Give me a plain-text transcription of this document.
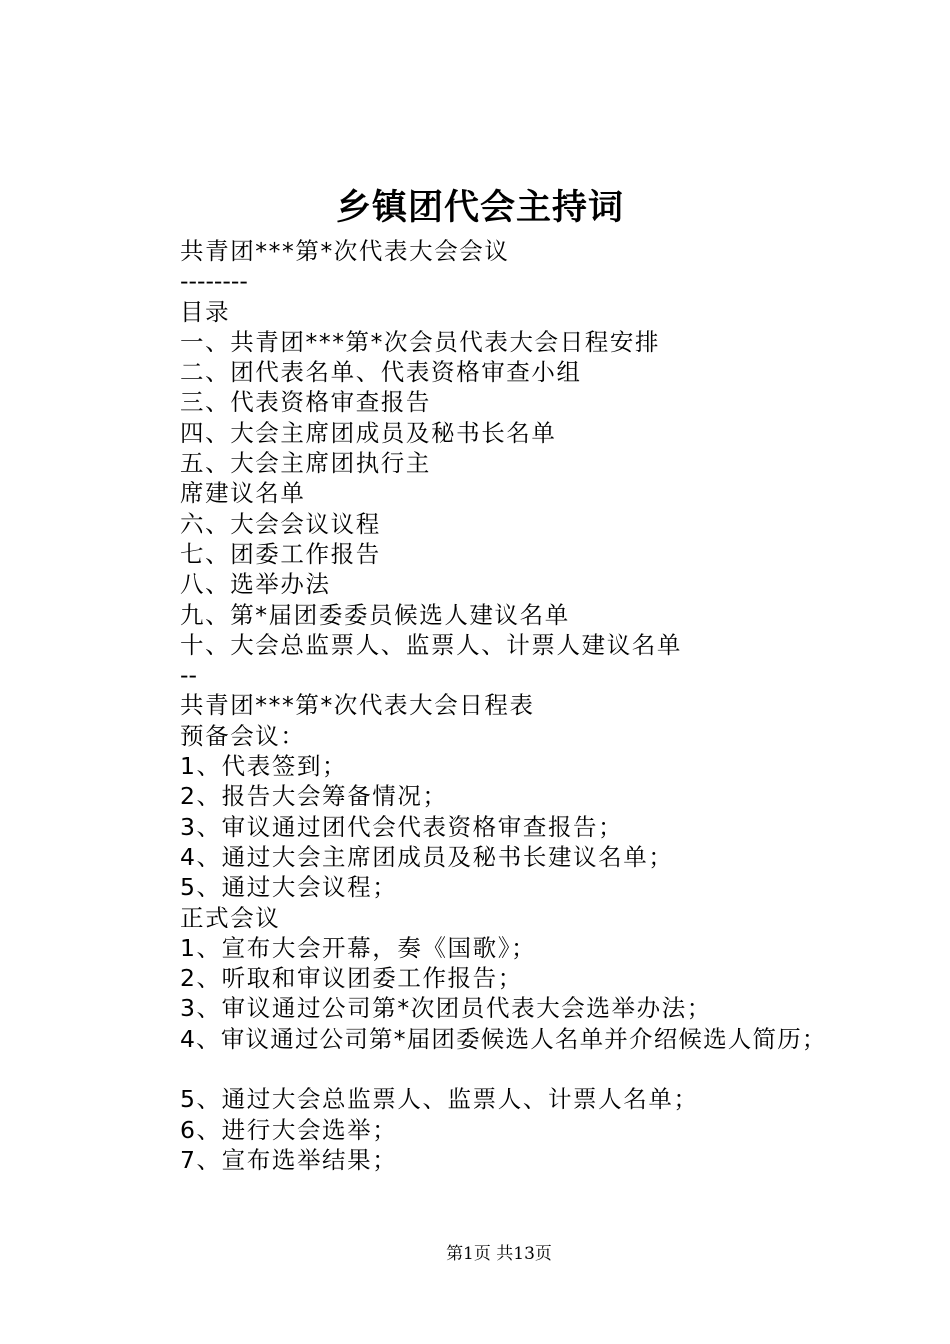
乡镇团代会主持词
共青团***第*次代表大会会议
--------
目录
一、共青团***第*次会员代表大会日程安排
二、团代表名单、代表资格审查小组
三、代表资格审查报告
四、大会主席团成员及秘书长名单
五、大会主席团执行主
席建议名单
六、大会会议议程
七、团委工作报告
八、选举办法
九、第*届团委委员候选人建议名单
十、大会总监票人、监票人、计票人建议名单
--
共青团***第*次代表大会日程表
预备会议：
1、代表签到；
2、报告大会筹备情况；
3、审议通过团代会代表资格审查报告；
4、通过大会主席团成员及秘书长建议名单；
5、通过大会议程；
正式会议
1、宣布大会开幕，奏《国歌》；
2、听取和审议团委工作报告；
3、审议通过公司第*次团员代表大会选举办法；
4、审议通过公司第*届团委候选人名单并介绍候选人简历；
5、通过大会总监票人、监票人、计票人名单；
6、进行大会选举；
7、宣布选举结果；
第1页 共13页
